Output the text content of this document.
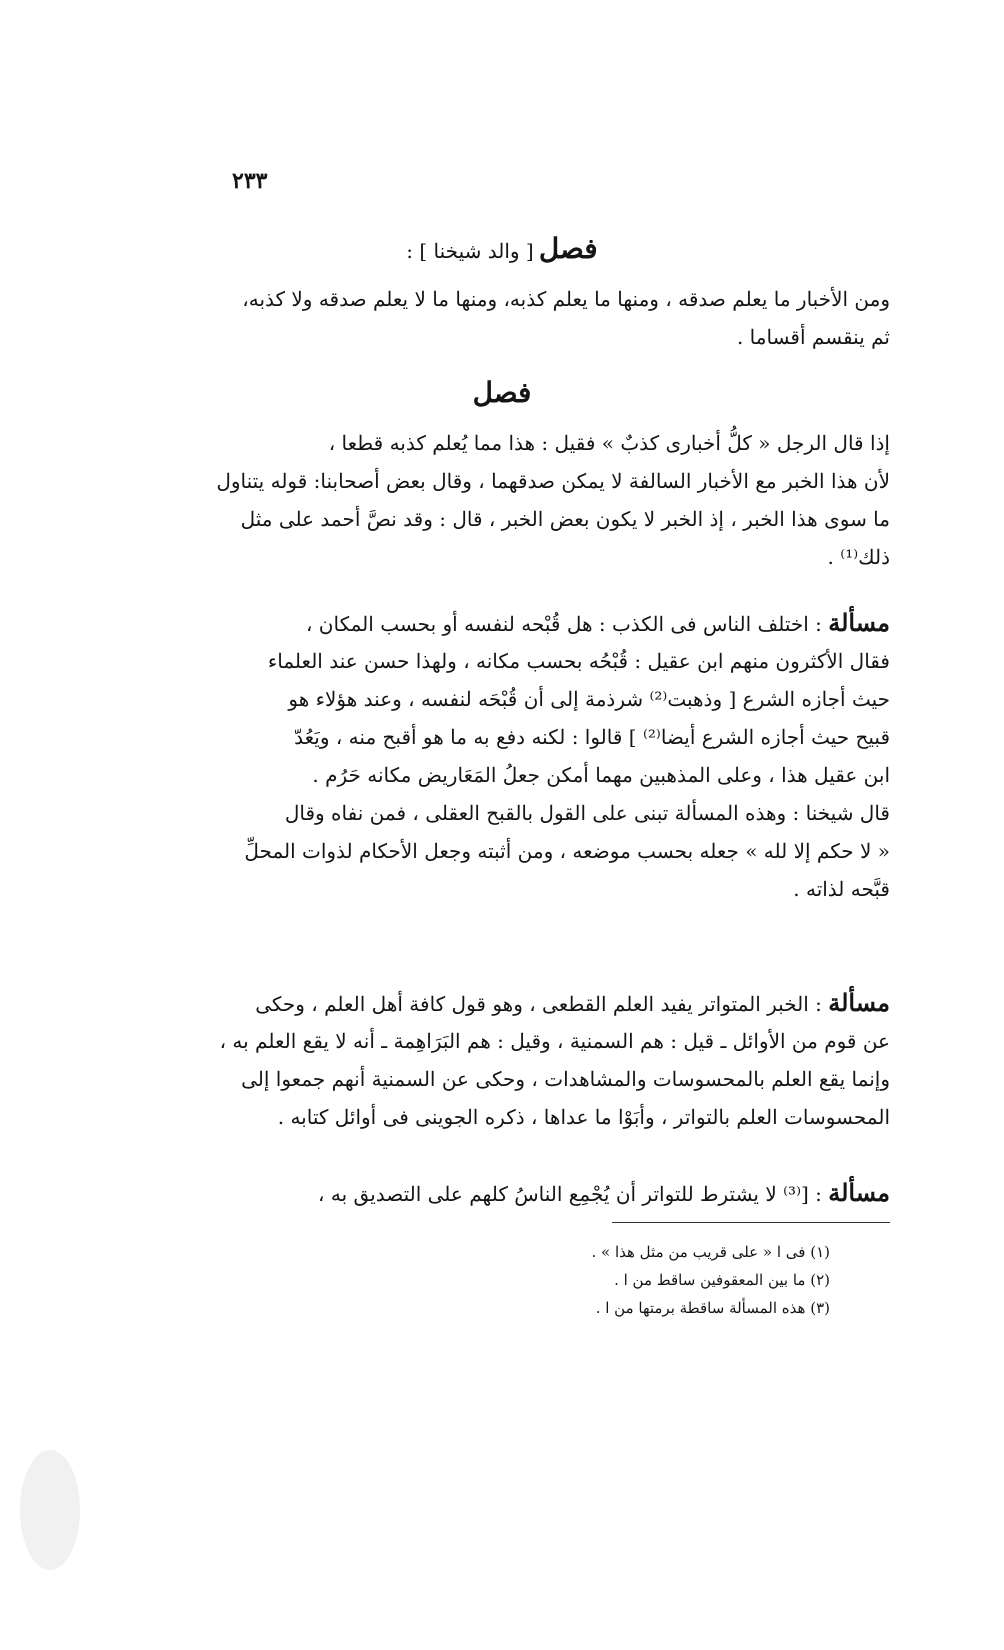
٢٣٣
فصل [ والد شيخنا ] :
ومن الأخبار ما يعلم صدقه ، ومنها ما يعلم كذبه، ومنها ما لا يعلم صدقه ولا كذبه،
ثم ينقسم أقساما .
فصل
إذا قال الرجل « كلُّ أخبارى كذبٌ » فقيل : هذا مما يُعلم كذبه قطعا ،
لأن هذا الخبر مع الأخبار السالفة لا يمكن صدقهما ، وقال بعض أصحابنا: قوله يتناول
ما سوى هذا الخبر ، إذ الخبر لا يكون بعض الخبر ، قال : وقد نصَّ أحمد على مثل
ذلك⁽¹⁾ .
مسألة : اختلف الناس فى الكذب : هل قُبْحه لنفسه أو بحسب المكان ،
فقال الأكثرون منهم ابن عقيل : قُبْحُه بحسب مكانه ، ولهذا حسن عند العلماء
حيث أجازه الشرع [ وذهبت⁽²⁾ شرذمة إلى أن قُبْحَه لنفسه ، وعند هؤلاء هو
قبيح حيث أجازه الشرع أيضا⁽²⁾ ] قالوا : لكنه دفع به ما هو أقبح منه ، ويَعُدّ
ابن عقيل هذا ، وعلى المذهبين مهما أمكن جعلُ المَعَاريض مكانه حَرُم .
قال شيخنا : وهذه المسألة تبنى على القول بالقبح العقلى ، فمن نفاه وقال
« لا حكم إلا لله » جعله بحسب موضعه ، ومن أثبته وجعل الأحكام لذوات المحلِّ
قبَّحه لذاته .
مسألة : الخبر المتواتر يفيد العلم القطعى ، وهو قول كافة أهل العلم ، وحكى
عن قوم من الأوائل ـ قيل : هم السمنية ، وقيل : هم البَرَاهِمة ـ أنه لا يقع العلم به ،
وإنما يقع العلم بالمحسوسات والمشاهدات ، وحكى عن السمنية أنهم جمعوا إلى
المحسوسات العلم بالتواتر ، وأبَوْا ما عداها ، ذكره الجوينى فى أوائل كتابه .
مسألة : [⁽³⁾ لا يشترط للتواتر أن يُجْمِع الناسُ كلهم على التصديق به ،
(١) فى ا « على قريب من مثل هذا » .
(٢) ما بين المعقوفين ساقط من ا .
(٣) هذه المسألة ساقطة برمتها من ا .
